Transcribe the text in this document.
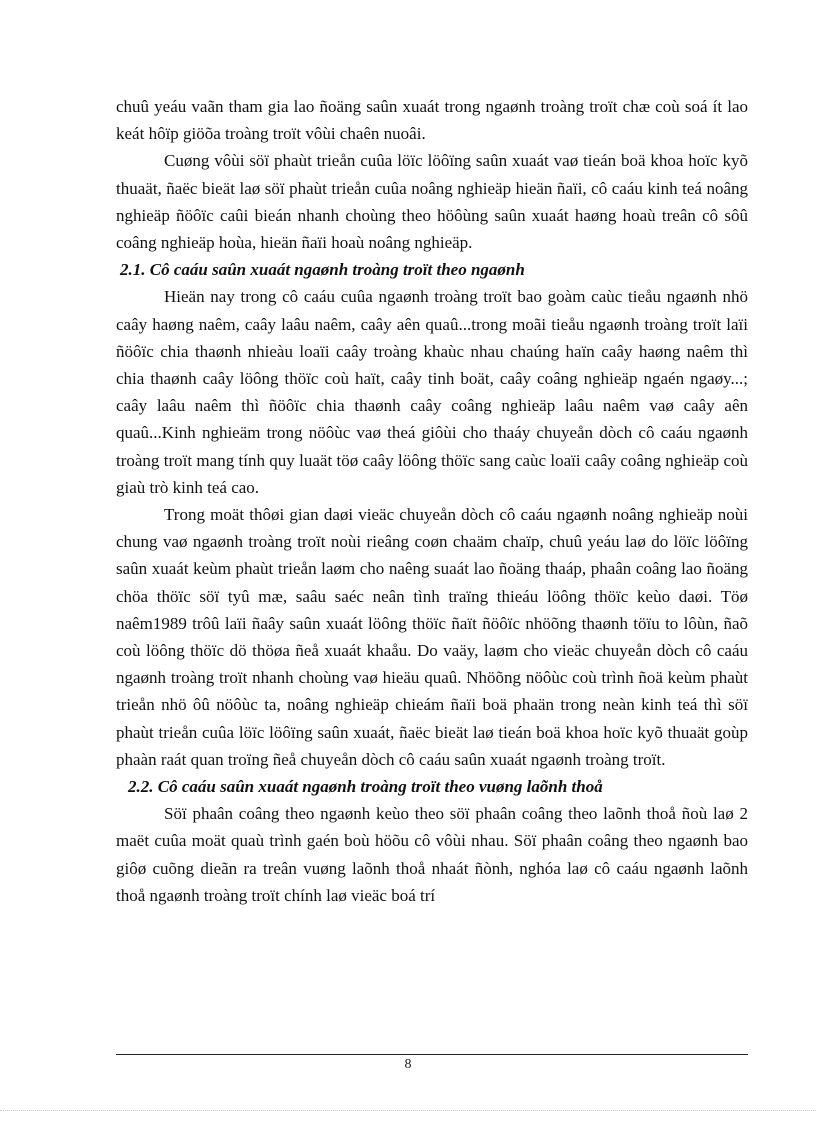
chuû yeáu vaãn tham gia lao ñoäng saûn xuaát trong ngaønh troàng troït chæ coù soá ít lao keát hôïp giöõa troàng troït vôùi chaên nuoâi.

Cuøng vôùi söï phaùt trieån cuûa löïc löôïng saûn xuaát vaø tieán boä khoa hoïc kyõ thuaät, ñaëc bieät laø söï phaùt trieån cuûa noâng nghieäp hieän ñaïi, cô caáu kinh teá noâng nghieäp ñöôïc caûi bieán nhanh choùng theo höôùng saûn xuaát haøng hoaù treân cô sôû coâng nghieäp hoùa, hieän ñaïi hoaù noâng nghieäp.

2.1. Cô caáu saûn xuaát ngaønh troàng troït theo ngaønh

Hieän nay trong cô caáu cuûa ngaønh troàng troït bao goàm caùc tieåu ngaønh nhö caây haøng naêm, caây laâu naêm, caây aên quaû...trong moãi tieåu ngaønh troàng troït laïi ñöôïc chia thaønh nhieàu loaïi caây troàng khaùc nhau chaúng haïn caây haøng naêm thì chia thaønh caây löông thöïc coù haït, caây tinh boät, caây coâng nghieäp ngaén ngaøy...; caây laâu naêm thì ñöôïc chia thaønh caây coâng nghieäp laâu naêm vaø caây aên quaû...Kinh nghieäm trong nöôùc vaø theá giôùi cho thaáy chuyeån dòch cô caáu ngaønh troàng troït mang tính quy luaät töø caây löông thöïc sang caùc loaïi caây coâng nghieäp coù giaù trò kinh teá cao.

Trong moät thôøi gian daøi vieäc chuyeån dòch cô caáu ngaønh noâng nghieäp noùi chung vaø ngaønh troàng troït noùi rieâng coøn chaäm chaïp, chuû yeáu laø do löïc löôïng saûn xuaát keùm phaùt trieån laøm cho naêng suaát lao ñoäng thaáp, phaân coâng lao ñoäng chöa thöïc söï tyû mæ, saâu saéc neân tình traïng thieáu löông thöïc keùo daøi. Töø naêm1989 trôû laïi ñaây saûn xuaát löông thöïc ñaït ñöôïc nhöõng thaønh töïu to lôùn, ñaõ coù löông thöïc dö thöøa ñeå xuaát khaåu. Do vaäy, laøm cho vieäc chuyeån dòch cô caáu ngaønh troàng troït nhanh choùng vaø hieäu quaû. Nhöõng nöôùc coù trình ñoä keùm phaùt trieån nhö ôû nöôùc ta, noâng nghieäp chieám ñaïi boä phaän trong neàn kinh teá thì söï phaùt trieån cuûa löïc löôïng saûn xuaát, ñaëc bieät laø tieán boä khoa hoïc kyõ thuaät goùp phaàn raát quan troïng ñeå chuyeån dòch cô caáu saûn xuaát ngaønh troàng troït.

2.2. Cô caáu saûn xuaát ngaønh troàng troït theo vuøng laõnh thoå

Söï phaân coâng theo ngaønh keùo theo söï phaân coâng theo laõnh thoå ñoù laø 2 maët cuûa moät quaù trình gaén boù höõu cô vôùi nhau. Söï phaân coâng theo ngaønh bao giôø cuõng dieãn ra treân vuøng laõnh thoå nhaát ñònh, nghóa laø cô caáu ngaønh laõnh thoå ngaønh troàng troït chính laø vieäc boá trí

8
